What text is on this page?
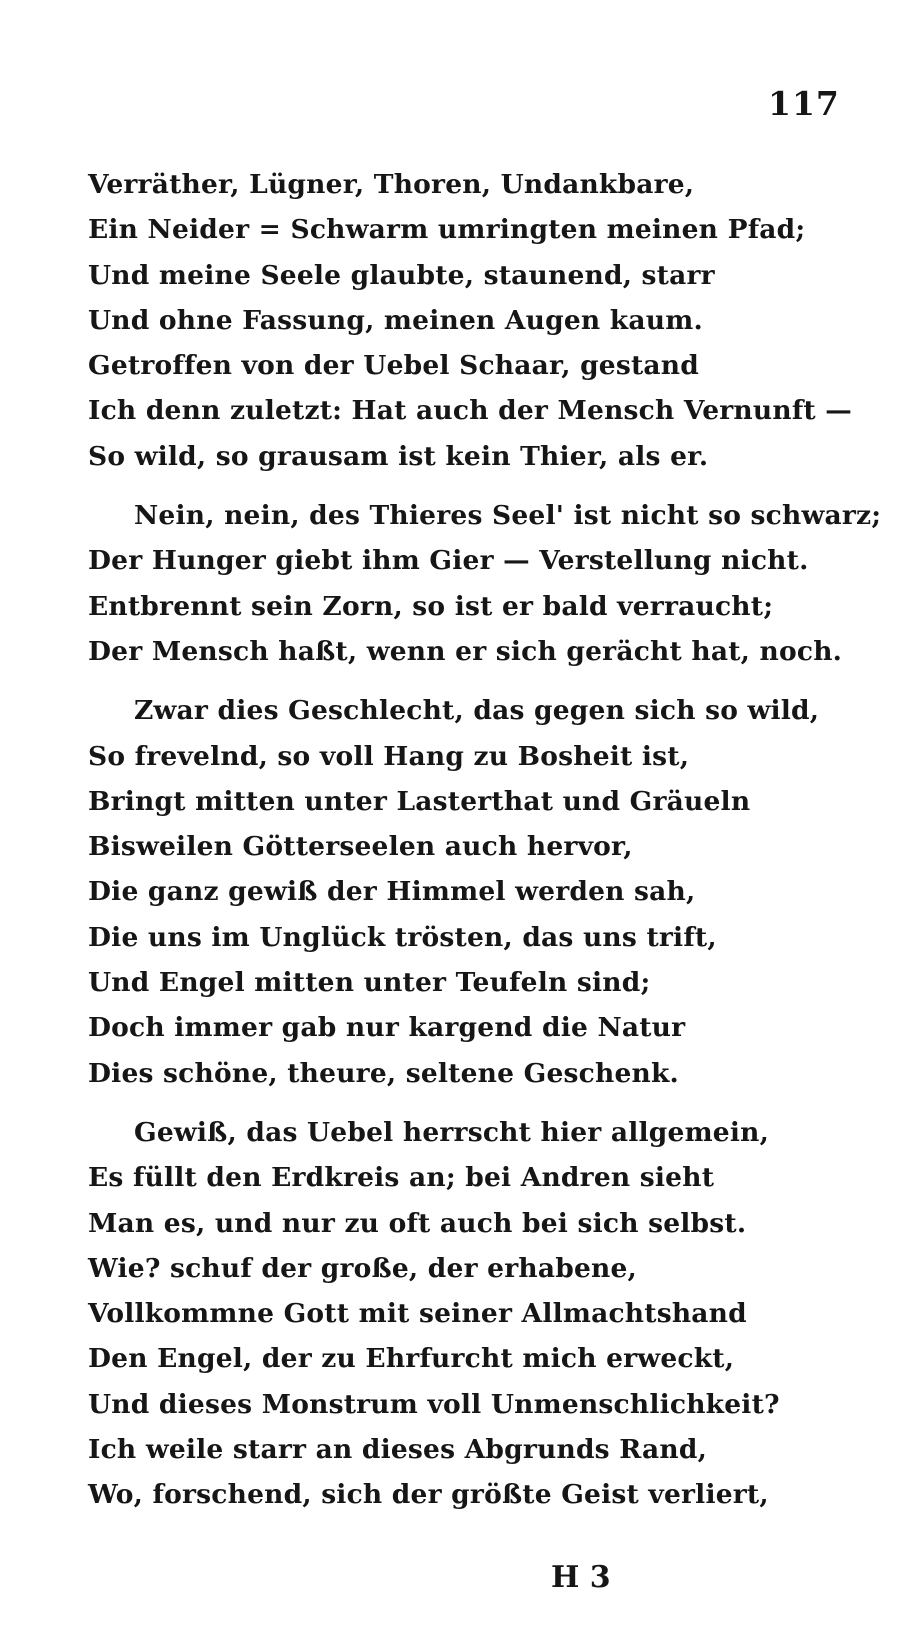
117

Verräther, Lügner, Thoren, Undankbare,
Ein Neider = Schwarm umringten meinen Pfad;
Und meine Seele glaubte, staunend, starr
Und ohne Fassung, meinen Augen kaum.
Getroffen von der Uebel Schaar, gestand
Ich denn zuletzt: Hat auch der Mensch Vernunft —
So wild, so grausam ist kein Thier, als er.
Nein, nein, des Thieres Seel' ist nicht so schwarz;
Der Hunger giebt ihm Gier — Verstellung nicht.
Entbrennt sein Zorn, so ist er bald verraucht;
Der Mensch haßt, wenn er sich gerächt hat, noch.
Zwar dies Geschlecht, das gegen sich so wild,
So frevelnd, so voll Hang zu Bosheit ist,
Bringt mitten unter Lasterthat und Gräueln
Bisweilen Götterseelen auch hervor,
Die ganz gewiß der Himmel werden sah,
Die uns im Unglück trösten, das uns trift,
Und Engel mitten unter Teufeln sind;
Doch immer gab nur kargend die Natur
Dies schöne, theure, seltene Geschenk.
Gewiß, das Uebel herrscht hier allgemein,
Es füllt den Erdkreis an; bei Andren sieht
Man es, und nur zu oft auch bei sich selbst.
Wie? schuf der große, der erhabene,
Vollkommne Gott mit seiner Allmachtshand
Den Engel, der zu Ehrfurcht mich erweckt,
Und dieses Monstrum voll Unmenschlichkeit?
Ich weile starr an dieses Abgrunds Rand,
Wo, forschend, sich der größte Geist verliert,

H 3
